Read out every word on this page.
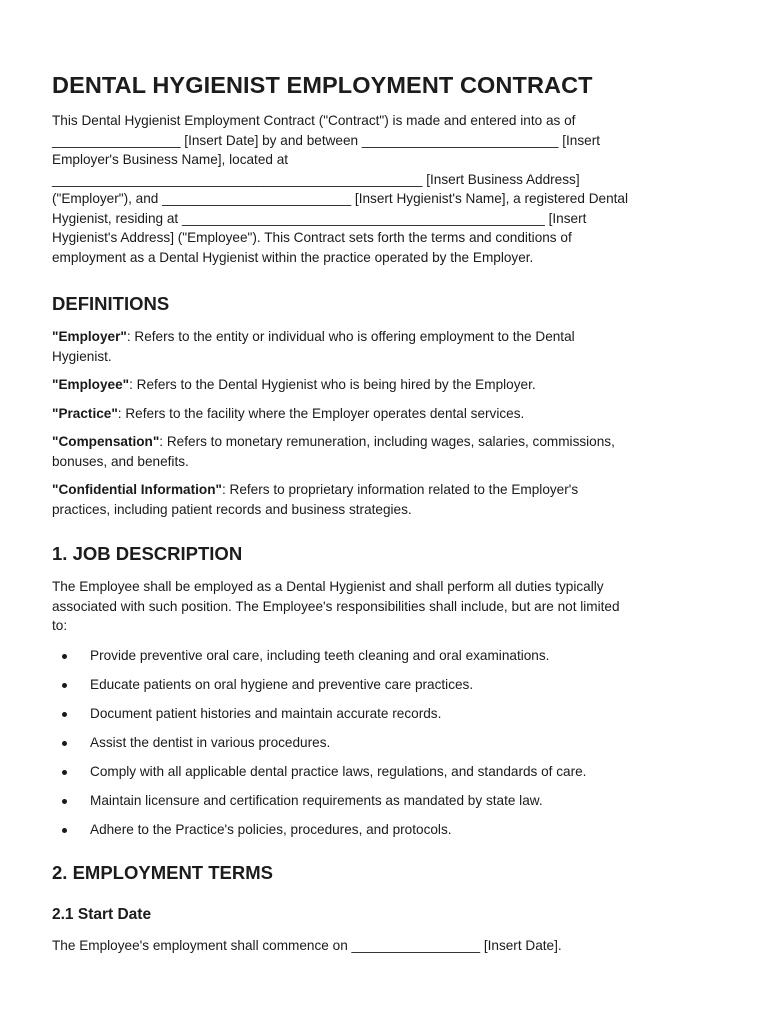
DENTAL HYGIENIST EMPLOYMENT CONTRACT

This Dental Hygienist Employment Contract ("Contract") is made and entered into as of
_________________ [Insert Date] by and between __________________________ [Insert
Employer's Business Name], located at
_________________________________________________ [Insert Business Address]
("Employer"), and _________________________ [Insert Hygienist's Name], a registered Dental
Hygienist, residing at ________________________________________________ [Insert
Hygienist's Address] ("Employee"). This Contract sets forth the terms and conditions of
employment as a Dental Hygienist within the practice operated by the Employer.

DEFINITIONS

"Employer": Refers to the entity or individual who is offering employment to the Dental
Hygienist.

"Employee": Refers to the Dental Hygienist who is being hired by the Employer.

"Practice": Refers to the facility where the Employer operates dental services.

"Compensation": Refers to monetary remuneration, including wages, salaries, commissions,
bonuses, and benefits.

"Confidential Information": Refers to proprietary information related to the Employer's
practices, including patient records and business strategies.

1. JOB DESCRIPTION

The Employee shall be employed as a Dental Hygienist and shall perform all duties typically
associated with such position. The Employee's responsibilities shall include, but are not limited
to:

Provide preventive oral care, including teeth cleaning and oral examinations.
Educate patients on oral hygiene and preventive care practices.
Document patient histories and maintain accurate records.
Assist the dentist in various procedures.
Comply with all applicable dental practice laws, regulations, and standards of care.
Maintain licensure and certification requirements as mandated by state law.
Adhere to the Practice's policies, procedures, and protocols.
2. EMPLOYMENT TERMS
2.1 Start Date

The Employee's employment shall commence on _________________ [Insert Date].
